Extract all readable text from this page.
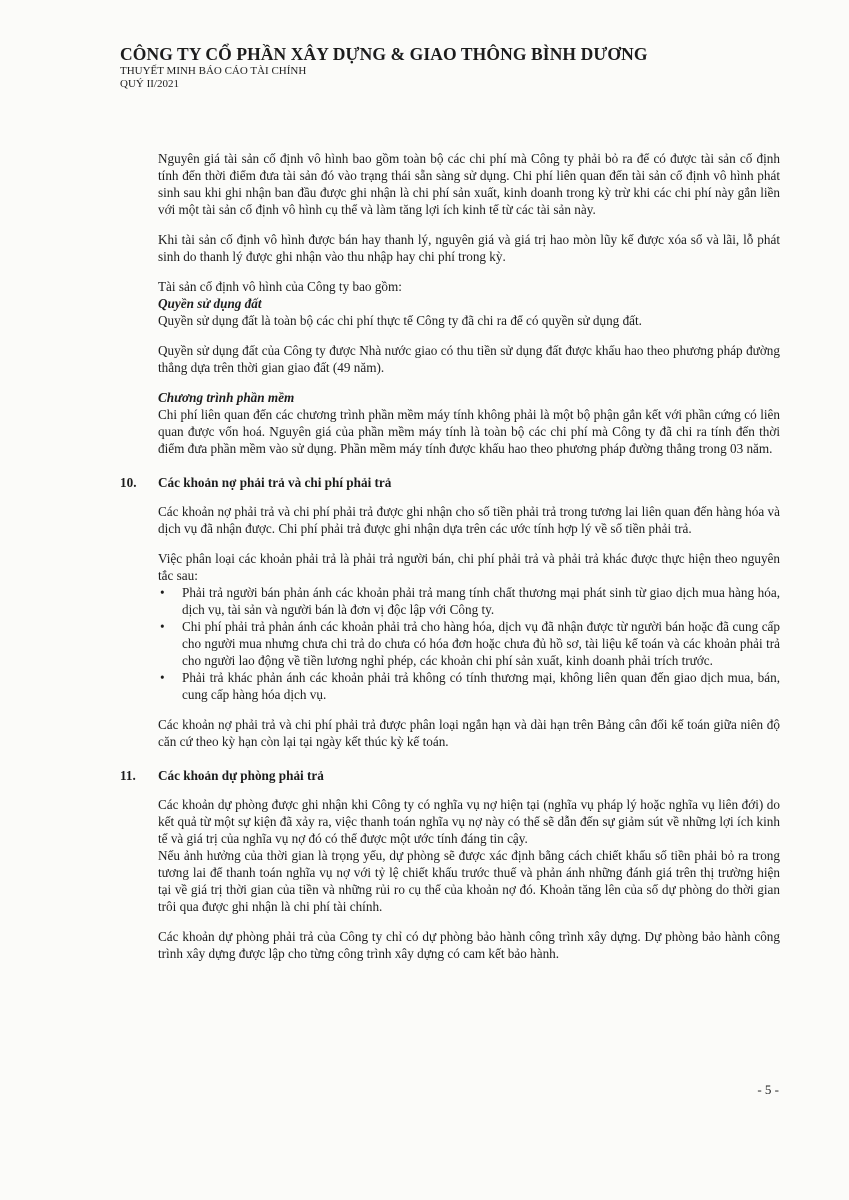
CÔNG TY CỔ PHẦN XÂY DỰNG & GIAO THÔNG BÌNH DƯƠNG
THUYẾT MINH BÁO CÁO TÀI CHÍNH
QUÝ II/2021

Nguyên giá tài sản cố định vô hình bao gồm toàn bộ các chi phí mà Công ty phải bỏ ra để có được tài sản cố định tính đến thời điểm đưa tài sản đó vào trạng thái sẵn sàng sử dụng. Chi phí liên quan đến tài sản cố định vô hình phát sinh sau khi ghi nhận ban đầu được ghi nhận là chi phí sản xuất, kinh doanh trong kỳ trừ khi các chi phí này gắn liền với một tài sản cố định vô hình cụ thể và làm tăng lợi ích kinh tế từ các tài sản này.

Khi tài sản cố định vô hình được bán hay thanh lý, nguyên giá và giá trị hao mòn lũy kế được xóa sổ và lãi, lỗ phát sinh do thanh lý được ghi nhận vào thu nhập hay chi phí trong kỳ.

Tài sản cố định vô hình của Công ty bao gồm:

Quyền sử dụng đất

Quyền sử dụng đất là toàn bộ các chi phí thực tế Công ty đã chi ra để có quyền sử dụng đất.

Quyền sử dụng đất của Công ty được Nhà nước giao có thu tiền sử dụng đất được khấu hao theo phương pháp đường thẳng dựa trên thời gian giao đất (49 năm).

Chương trình phần mềm

Chi phí liên quan đến các chương trình phần mềm máy tính không phải là một bộ phận gắn kết với phần cứng có liên quan được vốn hoá. Nguyên giá của phần mềm máy tính là toàn bộ các chi phí mà Công ty đã chi ra tính đến thời điểm đưa phần mềm vào sử dụng. Phần mềm máy tính được khấu hao theo phương pháp đường thẳng trong 03 năm.

10. Các khoản nợ phải trả và chi phí phải trả

Các khoản nợ phải trả và chi phí phải trả được ghi nhận cho số tiền phải trả trong tương lai liên quan đến hàng hóa và dịch vụ đã nhận được. Chi phí phải trả được ghi nhận dựa trên các ước tính hợp lý về số tiền phải trả.

Việc phân loại các khoản phải trả là phải trả người bán, chi phí phải trả và phải trả khác được thực hiện theo nguyên tắc sau:

• Phải trả người bán phản ánh các khoản phải trả mang tính chất thương mại phát sinh từ giao dịch mua hàng hóa, dịch vụ, tài sản và người bán là đơn vị độc lập với Công ty.
• Chi phí phải trả phản ánh các khoản phải trả cho hàng hóa, dịch vụ đã nhận được từ người bán hoặc đã cung cấp cho người mua nhưng chưa chi trả do chưa có hóa đơn hoặc chưa đủ hồ sơ, tài liệu kế toán và các khoản phải trả cho người lao động về tiền lương nghỉ phép, các khoản chi phí sản xuất, kinh doanh phải trích trước.
• Phải trả khác phản ánh các khoản phải trả không có tính thương mại, không liên quan đến giao dịch mua, bán, cung cấp hàng hóa dịch vụ.

Các khoản nợ phải trả và chi phí phải trả được phân loại ngắn hạn và dài hạn trên Bảng cân đối kế toán giữa niên độ căn cứ theo kỳ hạn còn lại tại ngày kết thúc kỳ kế toán.

11. Các khoản dự phòng phải trả

Các khoản dự phòng được ghi nhận khi Công ty có nghĩa vụ nợ hiện tại (nghĩa vụ pháp lý hoặc nghĩa vụ liên đới) do kết quả từ một sự kiện đã xảy ra, việc thanh toán nghĩa vụ nợ này có thể sẽ dẫn đến sự giảm sút về những lợi ích kinh tế và giá trị của nghĩa vụ nợ đó có thể được một ước tính đáng tin cậy.

Nếu ảnh hưởng của thời gian là trọng yếu, dự phòng sẽ được xác định bằng cách chiết khấu số tiền phải bỏ ra trong tương lai để thanh toán nghĩa vụ nợ với tỷ lệ chiết khấu trước thuế và phản ánh những đánh giá trên thị trường hiện tại về giá trị thời gian của tiền và những rủi ro cụ thể của khoản nợ đó. Khoản tăng lên của số dự phòng do thời gian trôi qua được ghi nhận là chi phí tài chính.

Các khoản dự phòng phải trả của Công ty chỉ có dự phòng bảo hành công trình xây dựng. Dự phòng bảo hành công trình xây dựng được lập cho từng công trình xây dựng có cam kết bảo hành.

- 5 -
